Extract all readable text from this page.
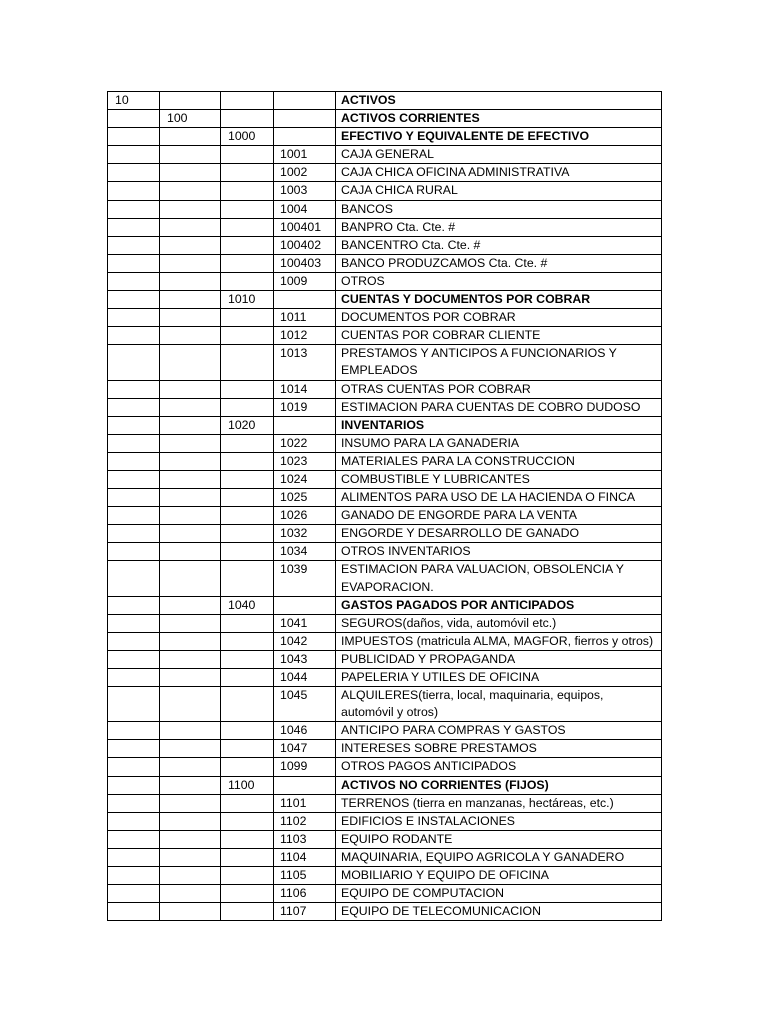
10				ACTIVOS
	100			ACTIVOS CORRIENTES
		1000		EFECTIVO Y EQUIVALENTE DE EFECTIVO
			1001	CAJA GENERAL
			1002	CAJA CHICA OFICINA ADMINISTRATIVA
			1003	CAJA CHICA RURAL
			1004	BANCOS
			100401	BANPRO Cta. Cte. #
			100402	BANCENTRO Cta. Cte. #
			100403	BANCO PRODUZCAMOS Cta. Cte. #
			1009	OTROS
		1010		CUENTAS Y DOCUMENTOS POR COBRAR
			1011	DOCUMENTOS POR COBRAR
			1012	CUENTAS POR COBRAR CLIENTE
			1013	PRESTAMOS Y ANTICIPOS A FUNCIONARIOS Y EMPLEADOS
			1014	OTRAS CUENTAS POR COBRAR
			1019	ESTIMACION PARA CUENTAS DE COBRO DUDOSO
		1020		INVENTARIOS
			1022	INSUMO PARA LA GANADERIA
			1023	MATERIALES PARA LA CONSTRUCCION
			1024	COMBUSTIBLE Y LUBRICANTES
			1025	ALIMENTOS PARA USO DE LA HACIENDA O FINCA
			1026	GANADO DE ENGORDE PARA LA VENTA
			1032	ENGORDE Y DESARROLLO DE GANADO
			1034	OTROS INVENTARIOS
			1039	ESTIMACION PARA VALUACION, OBSOLENCIA Y EVAPORACION.
		1040		GASTOS PAGADOS POR ANTICIPADOS
			1041	SEGUROS(daños, vida, automóvil etc.)
			1042	IMPUESTOS (matricula ALMA, MAGFOR, fierros y otros)
			1043	PUBLICIDAD Y PROPAGANDA
			1044	PAPELERIA Y UTILES DE OFICINA
			1045	ALQUILERES(tierra, local, maquinaria, equipos, automóvil y otros)
			1046	ANTICIPO PARA COMPRAS Y GASTOS
			1047	INTERESES SOBRE PRESTAMOS
			1099	OTROS PAGOS ANTICIPADOS
		1100		ACTIVOS NO CORRIENTES (FIJOS)
			1101	TERRENOS (tierra en manzanas, hectáreas, etc.)
			1102	EDIFICIOS E INSTALACIONES
			1103	EQUIPO RODANTE
			1104	MAQUINARIA, EQUIPO AGRICOLA Y GANADERO
			1105	MOBILIARIO Y EQUIPO DE OFICINA
			1106	EQUIPO DE COMPUTACION
			1107	EQUIPO DE TELECOMUNICACION
